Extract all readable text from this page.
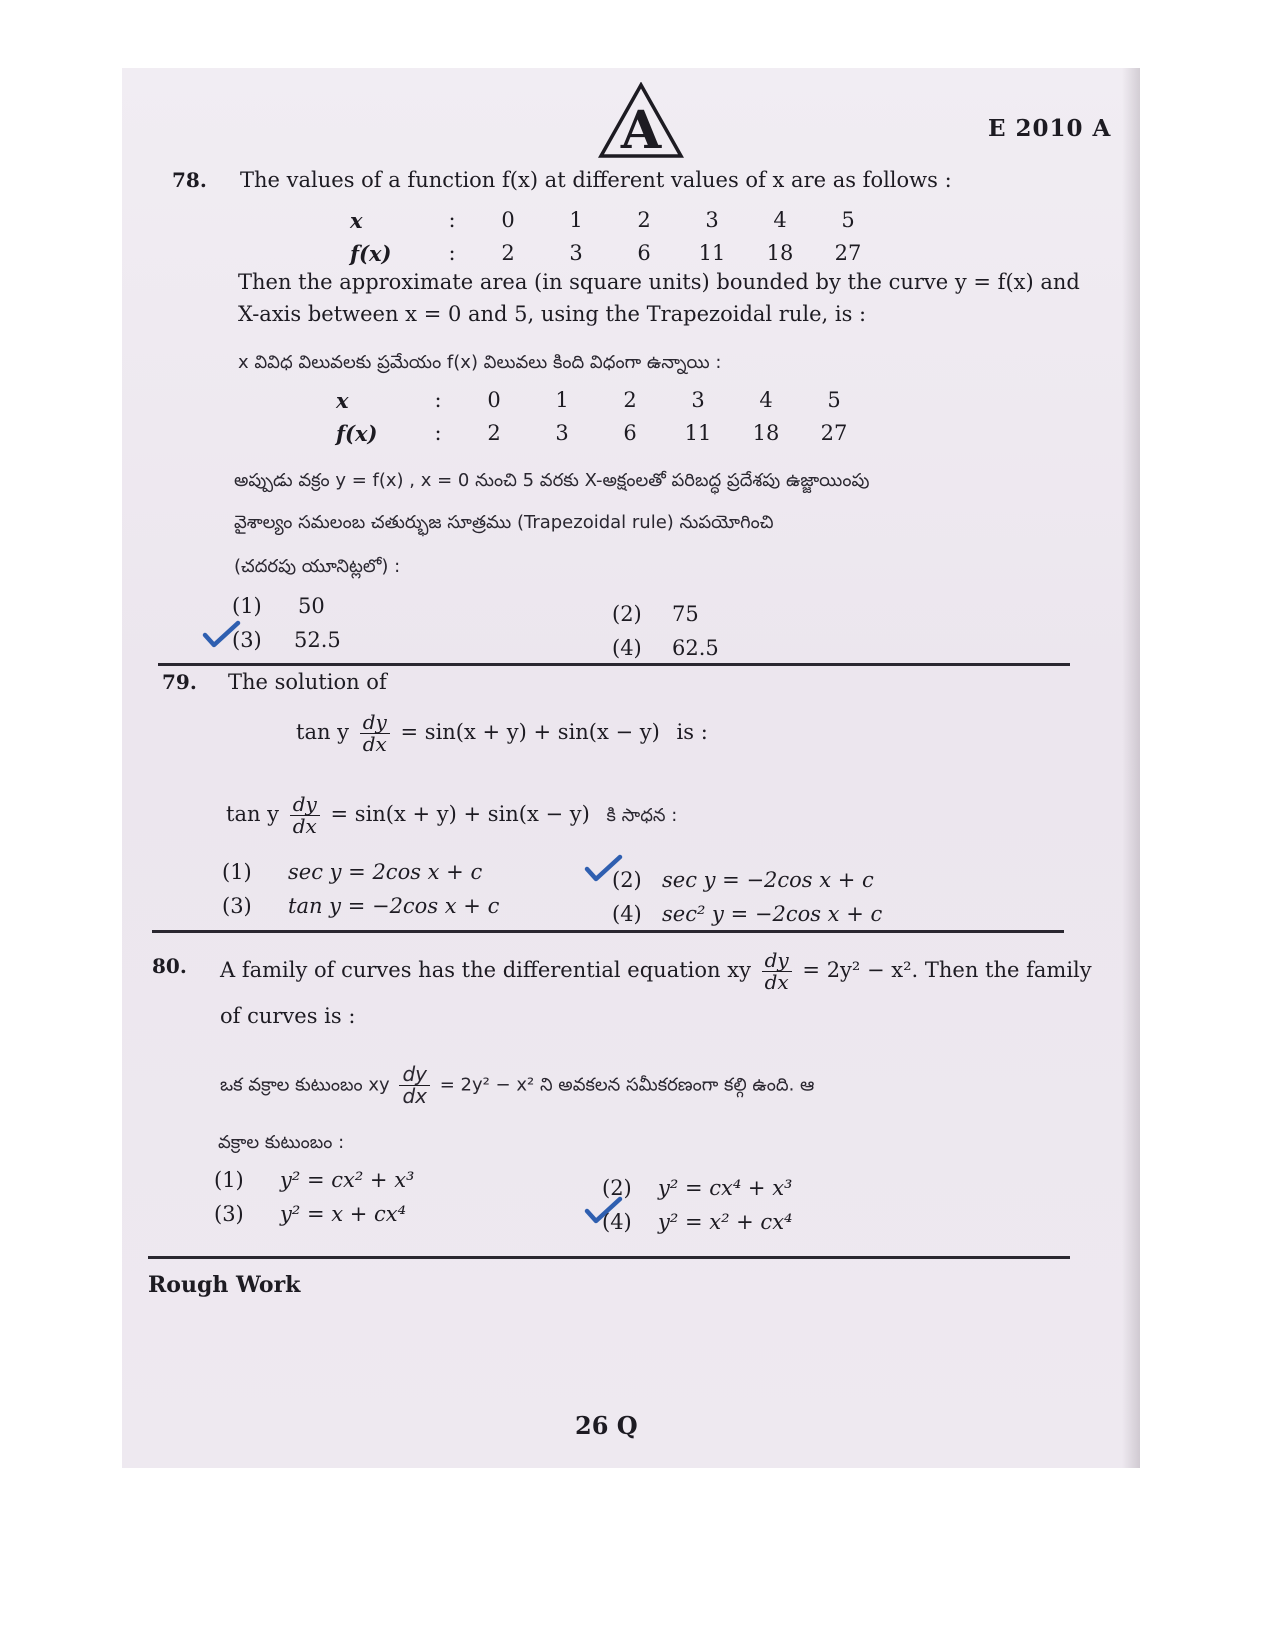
A	E 2010 A
78. The values of a function f(x) at different values of x are as follows :
x	:	0	1	2	3	4	5
f(x)	:	2	3	6	11	18	27
Then the approximate area (in square units) bounded by the curve y = f(x) and
X-axis between x = 0 and 5, using the Trapezoidal rule, is :
x వివిధ విలువలకు ప్రమేయం f(x) విలువలు కింది విధంగా ఉన్నాయి :
x	:	0	1	2	3	4	5
f(x)	:	2	3	6	11	18	27
అప్పుడు వక్రం y = f(x) , x = 0 నుంచి 5 వరకు X-అక్షంలతో పరిబద్ధ ప్రదేశపు ఉజ్జాయింపు
వైశాల్యం సమలంబ చతుర్భుజ సూత్రము (Trapezoidal rule) నుపయోగించి
(చదరపు యూనిట్లలో) :
(1) 50	(2) 75
(3) 52.5	(4) 62.5
79. The solution of
tan y $\frac{dy}{dx} = \sin(x + y) + \sin(x - y)$ is :
tan y $\frac{dy}{dx} = \sin(x + y) + \sin(x - y)$ కి సాధన :
(1) sec y = 2cos x + c	(2) sec y = −2cos x + c
(3) tan y = −2cos x + c	(4) sec² y = −2cos x + c
80. A family of curves has the differential equation xy $\frac{dy}{dx} = 2y^2 - x^2$. Then the family
of curves is :
ఒక వక్రాల కుటుంబం xy $\frac{dy}{dx} = 2y^2 - x^2$ ని అవకలన సమీకరణంగా కల్గి ఉంది. ఆ
వక్రాల కుటుంబం :
(1) y² = cx² + x³	(2) y² = cx⁴ + x³
(3) y² = x + cx⁴	(4) y² = x² + cx⁴
Rough Work
26 Q
